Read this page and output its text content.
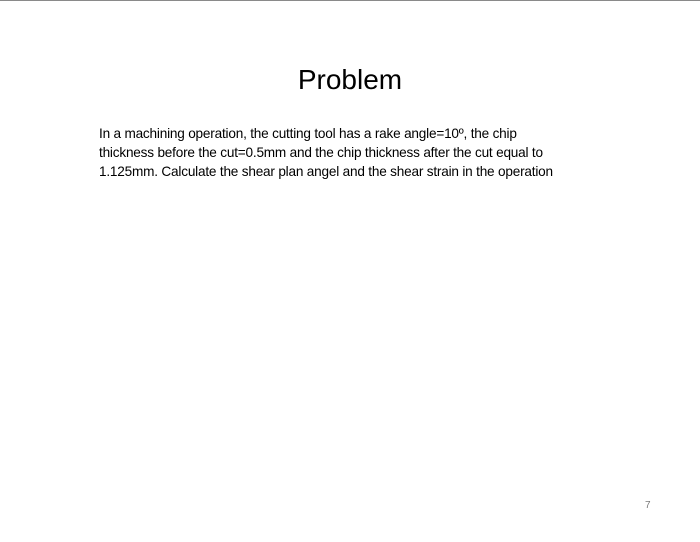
Problem
In a machining operation, the cutting tool has a rake angle=10º, the chip
thickness before the cut=0.5mm and the chip thickness after the cut equal to
1.125mm. Calculate the shear plan angel and the shear strain in the operation
7
